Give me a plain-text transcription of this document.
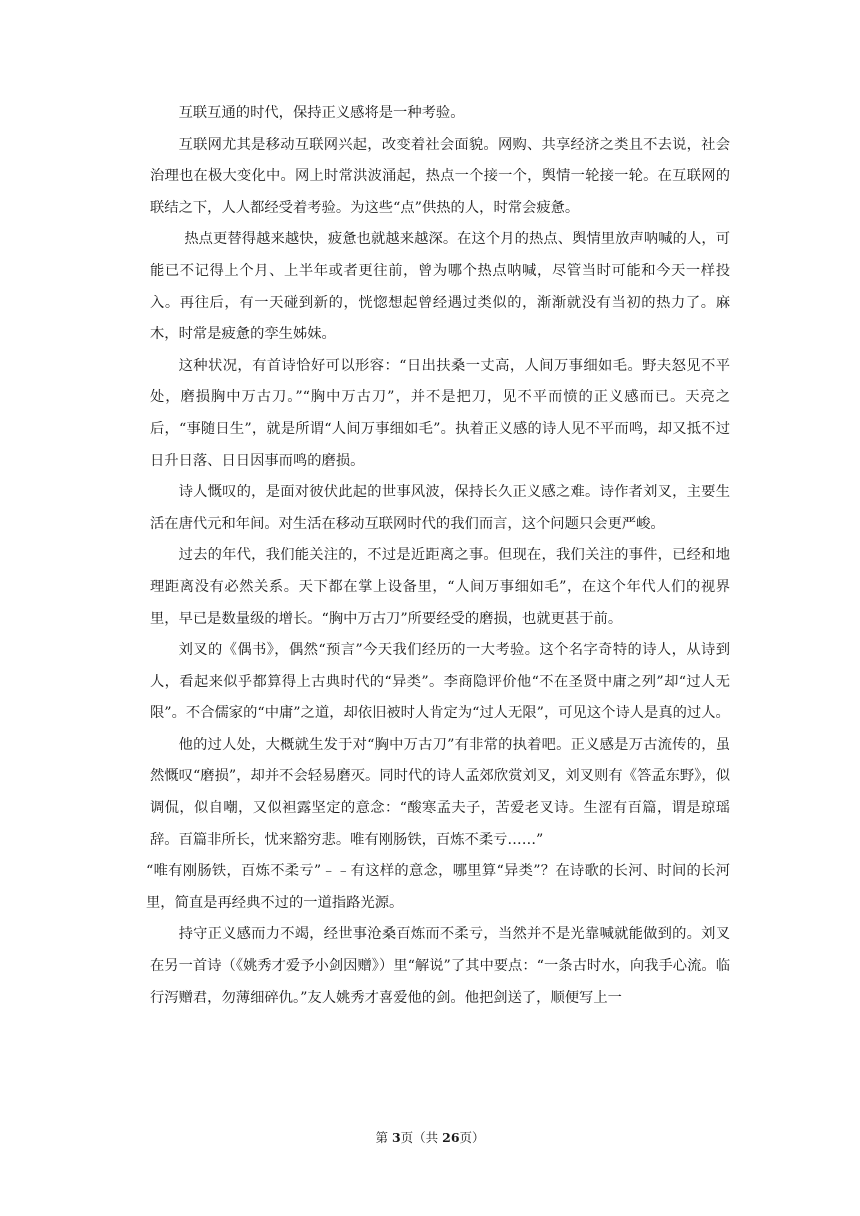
互联互通的时代，保持正义感将是一种考验。

互联网尤其是移动互联网兴起，改变着社会面貌。网购、共享经济之类且不去说，社会治理也在极大变化中。网上时常洪波涌起，热点一个接一个，舆情一轮接一轮。在互联网的联结之下，人人都经受着考验。为这些“点”供热的人，时常会疲惫。

热点更替得越来越快，疲惫也就越来越深。在这个月的热点、舆情里放声呐喊的人，可能已不记得上个月、上半年或者更往前，曾为哪个热点呐喊，尽管当时可能和今天一样投入。再往后，有一天碰到新的，恍惚想起曾经遇过类似的，渐渐就没有当初的热力了。麻木，时常是疲惫的孪生姊妹。

这种状况，有首诗恰好可以形容：“日出扶桑一丈高，人间万事细如毛。野夫怒见不平处，磨损胸中万古刀。”“胸中万古刀”，并不是把刀，见不平而愤的正义感而已。天亮之后，“事随日生”，就是所谓“人间万事细如毛”。执着正义感的诗人见不平而鸣，却又抵不过日升日落、日日因事而鸣的磨损。

诗人慨叹的，是面对彼伏此起的世事风波，保持长久正义感之难。诗作者刘叉，主要生活在唐代元和年间。对生活在移动互联网时代的我们而言，这个问题只会更严峻。

过去的年代，我们能关注的，不过是近距离之事。但现在，我们关注的事件，已经和地理距离没有必然关系。天下都在掌上设备里，“人间万事细如毛”，在这个年代人们的视界里，早已是数量级的增长。“胸中万古刀”所要经受的磨损，也就更甚于前。

刘叉的《偶书》，偶然“预言”今天我们经历的一大考验。这个名字奇特的诗人，从诗到人，看起来似乎都算得上古典时代的“异类”。李商隐评价他“不在圣贤中庸之列”却“过人无限”。不合儒家的“中庸”之道，却依旧被时人肯定为“过人无限”，可见这个诗人是真的过人。

他的过人处，大概就生发于对“胸中万古刀”有非常的执着吧。正义感是万古流传的，虽然慨叹“磨损”，却并不会轻易磨灭。同时代的诗人孟郊欣赏刘叉，刘叉则有《答孟东野》，似调侃，似自嘲，又似袒露坚定的意念：“酸寒孟夫子，苦爱老叉诗。生涩有百篇，谓是琼瑶辞。百篇非所长，忧来豁穷悲。唯有刚肠铁，百炼不柔亏……”

“唯有刚肠铁，百炼不柔亏”﹣﹣有这样的意念，哪里算“异类”？在诗歌的长河、时间的长河里，简直是再经典不过的一道指路光源。

持守正义感而力不竭，经世事沧桑百炼而不柔亏，当然并不是光靠喊就能做到的。刘叉在另一首诗（《姚秀才爱予小剑因赠》）里“解说”了其中要点：“一条古时水，向我手心流。临行泻赠君，勿薄细碎仇。”友人姚秀才喜爱他的剑。他把剑送了，顺便写上一

第 3页（共 26页）
